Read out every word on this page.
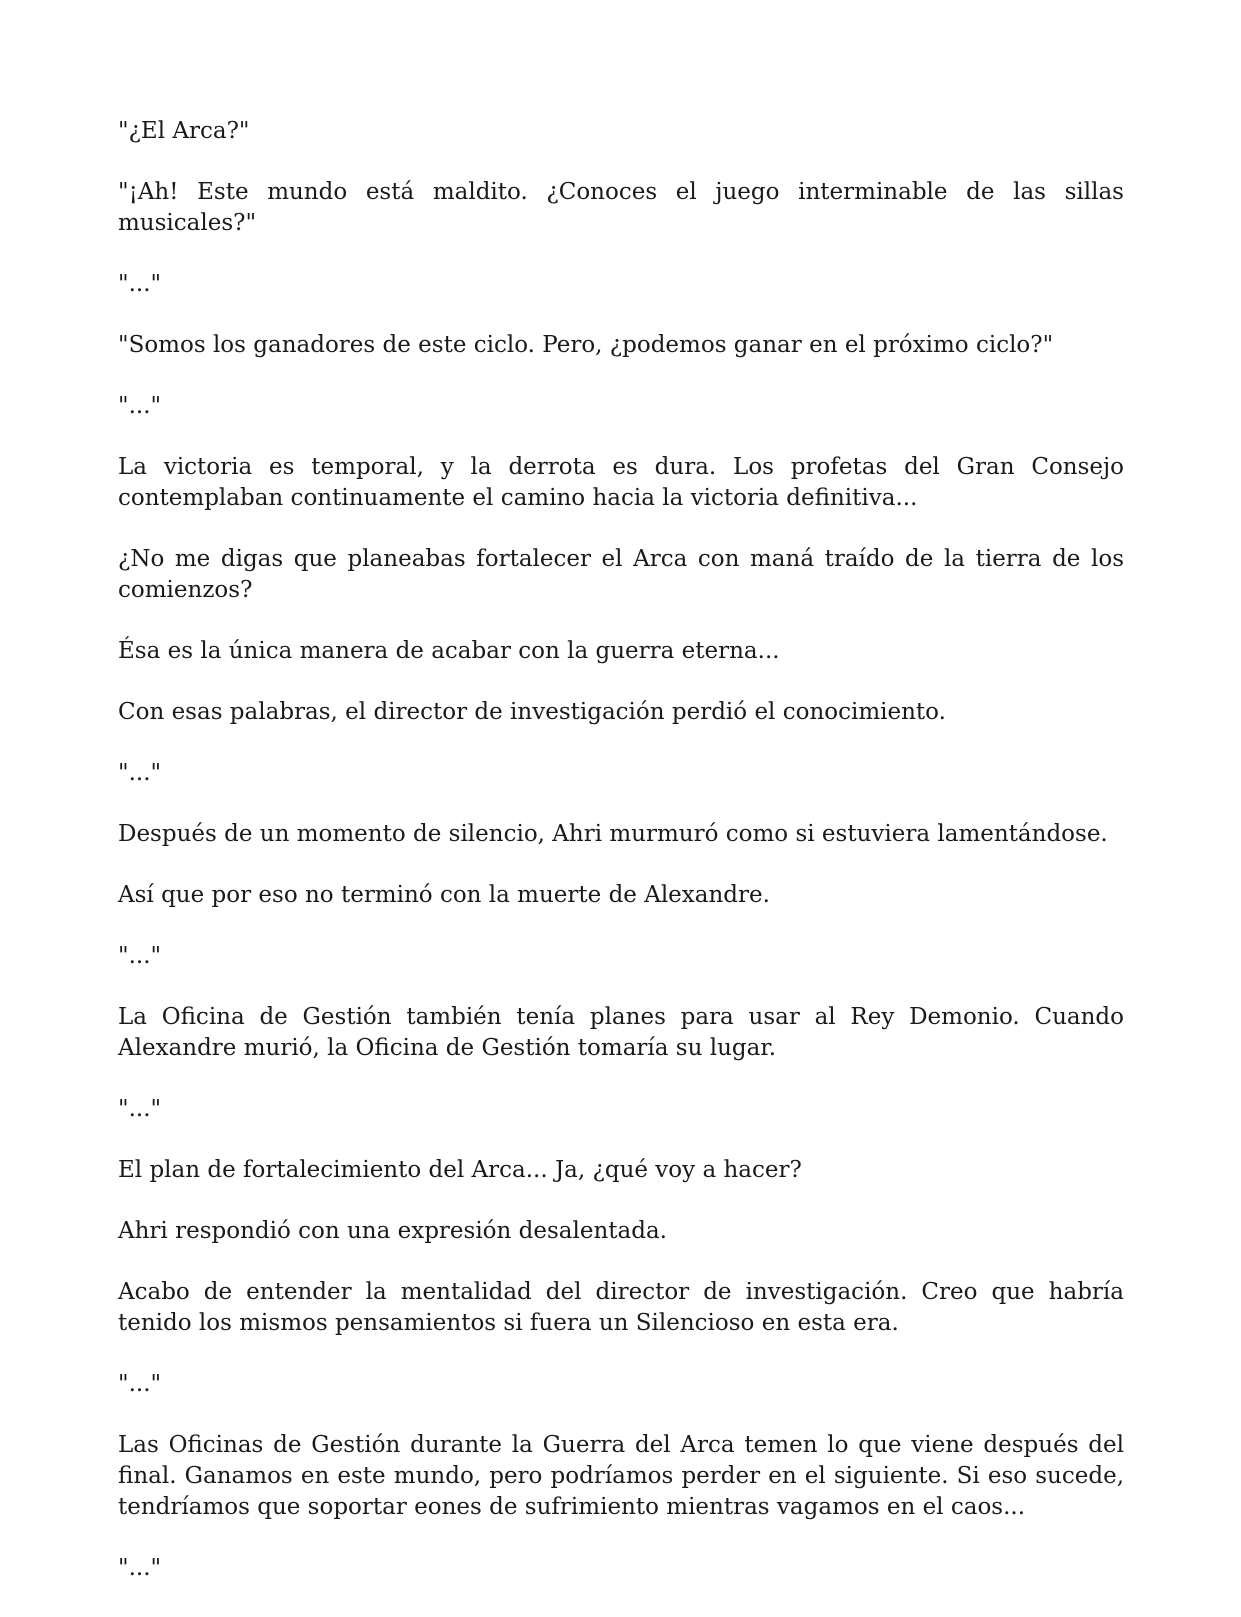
"¿El Arca?"

"¡Ah! Este mundo está maldito. ¿Conoces el juego interminable de las sillas musicales?"

"..."

"Somos los ganadores de este ciclo. Pero, ¿podemos ganar en el próximo ciclo?"

"..."

La victoria es temporal, y la derrota es dura. Los profetas del Gran Consejo contemplaban continuamente el camino hacia la victoria definitiva...

¿No me digas que planeabas fortalecer el Arca con maná traído de la tierra de los comienzos?

Ésa es la única manera de acabar con la guerra eterna...

Con esas palabras, el director de investigación perdió el conocimiento.

"..."

Después de un momento de silencio, Ahri murmuró como si estuviera lamentándose.

Así que por eso no terminó con la muerte de Alexandre.

"..."

La Oficina de Gestión también tenía planes para usar al Rey Demonio. Cuando Alexandre murió, la Oficina de Gestión tomaría su lugar.

"..."

El plan de fortalecimiento del Arca... Ja, ¿qué voy a hacer?

Ahri respondió con una expresión desalentada.

Acabo de entender la mentalidad del director de investigación. Creo que habría tenido los mismos pensamientos si fuera un Silencioso en esta era.

"..."

Las Oficinas de Gestión durante la Guerra del Arca temen lo que viene después del final. Ganamos en este mundo, pero podríamos perder en el siguiente. Si eso sucede, tendríamos que soportar eones de sufrimiento mientras vagamos en el caos...

"..."
